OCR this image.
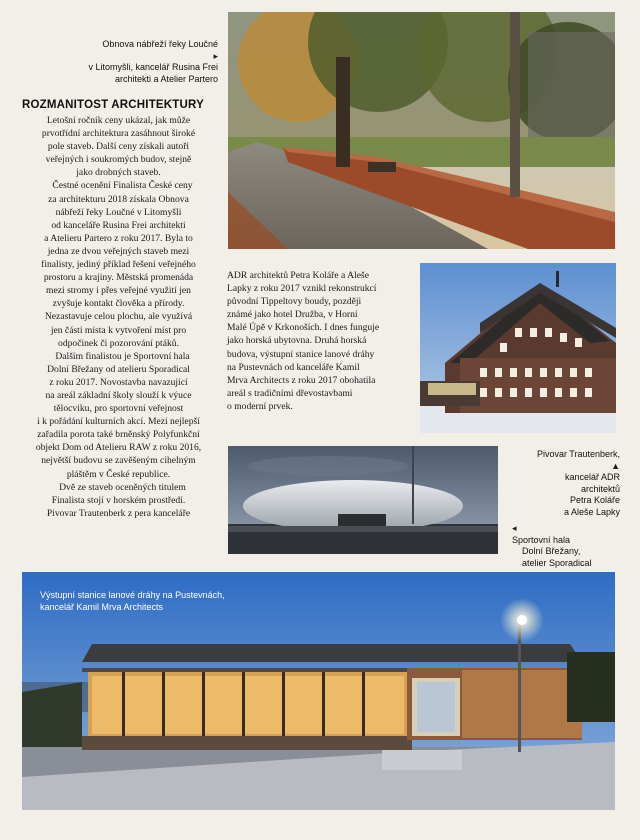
Obnova nábřeží řeky Loučné
▸
v Litomyšli, kancelář Rusina Frei
architekti a Atelier Partero
ROZMANITOST ARCHITEKTURY

Letošní ročník ceny ukázal, jak může

prvotřídní architektura zasáhnout široké

pole staveb. Další ceny získali autoři

veřejných i soukromých budov, stejně

jako drobných staveb.

Čestné ocenění Finalista České ceny

za architekturu 2018 získala Obnova

nábřeží řeky Loučné v Litomyšli

od kanceláře Rusina Frei architekti

a Atelieru Partero z roku 2017. Byla to

jedna ze dvou veřejných staveb mezi

finalisty, jediný příklad řešení veřejného

prostoru a krajiny. Městská promenáda

mezi stromy i přes veřejné využití jen

zvyšuje kontakt člověka a přírody.

Nezastavuje celou plochu, ale využívá

jen části místa k vytvoření míst pro

odpočinek či pozorování ptáků.

Dalším finalistou je Sportovní hala

Dolní Břežany od atelieru Sporadical

z roku 2017. Novostavba navazující

na areál základní školy slouží k výuce

tělocviku, pro sportovní veřejnost

i k pořádání kulturních akcí. Mezi nejlepší

zařadila porota také brněnský Polyfunkční

objekt Dom od Atelieru RAW z roku 2016,

největší budovu se zavěšeným cihelným

pláštěm v České republice.

Dvě ze staveb oceněných titulem

Finalista stojí v horském prostředí.

Pivovar Trautenberk z pera kanceláře

ADR architektů Petra Koláře a Aleše

Lapky z roku 2017 vznikl rekonstrukcí

původní Tippeltovy boudy, později

známé jako hotel Družba, v Horní

Malé Úpě v Krkonoších. I dnes funguje

jako horská ubytovna. Druhá horská

budova, výstupní stanice lanové dráhy

na Pustevnách od kanceláře Kamil

Mrva Architects z roku 2017 obohatila

areál s tradičními dřevostavbami

o moderní prvek.

Pivovar Trautenberk,
▲
kancelář ADR
architektů
Petra Koláře
a Aleše Lapky
◂
Sportovní hala
Dolní Břežany,
atelier Sporadical
Výstupní stanice lanové dráhy na Pustevnách,
kancelář Kamil Mrva Architects
